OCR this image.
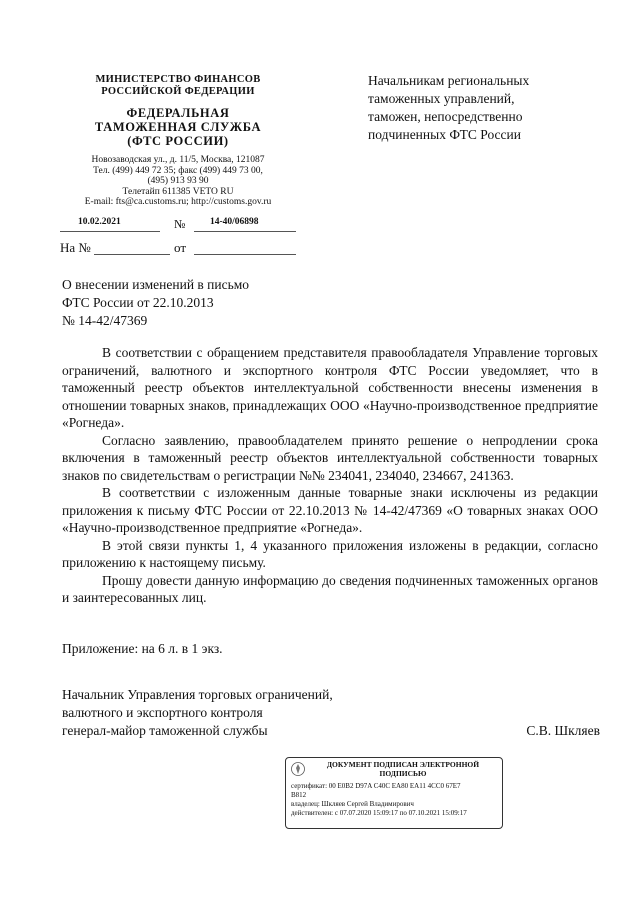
МИНИСТЕРСТВО ФИНАНСОВ
РОССИЙСКОЙ ФЕДЕРАЦИИ
ФЕДЕРАЛЬНАЯ
ТАМОЖЕННАЯ СЛУЖБА
(ФТС РОССИИ)
Новозаводская ул., д. 11/5, Москва, 121087
Тел. (499) 449 72 35; факс (499) 449 73 00,
(495) 913 93 90
Телетайп 611385 VETO RU
E-mail: fts@ca.customs.ru; http://customs.gov.ru
10.02.2021	№	14-40/06898
На №	от
Начальникам региональных
таможенных управлений,
таможен, непосредственно
подчиненных ФТС России
О внесении изменений в письмо
ФТС России от 22.10.2013
№ 14-42/47369

В соответствии с обращением представителя правообладателя Управление торговых ограничений, валютного и экспортного контроля ФТС России уведомляет, что в таможенный реестр объектов интеллектуальной собственности внесены изменения в отношении товарных знаков, принадлежащих ООО «Научно-производственное предприятие «Рогнеда».

Согласно заявлению, правообладателем принято решение о непродлении срока включения в таможенный реестр объектов интеллектуальной собственности товарных знаков по свидетельствам о регистрации №№ 234041, 234040, 234667, 241363.

В соответствии с изложенным данные товарные знаки исключены из редакции приложения к письму ФТС России от 22.10.2013 № 14-42/47369 «О товарных знаках ООО «Научно-производственное предприятие «Рогнеда».

В этой связи пункты 1, 4 указанного приложения изложены в редакции, согласно приложению к настоящему письму.

Прошу довести данную информацию до сведения подчиненных таможенных органов и заинтересованных лиц.

Приложение: на 6 л. в 1 экз.
Начальник Управления торговых ограничений,
валютного и экспортного контроля
генерал-майор таможенной службы	С.В. Шкляев
ДОКУМЕНТ ПОДПИСАН ЭЛЕКТРОННОЙ
ПОДПИСЬЮ
сертификат: 00 E0B2 D97A C40C EA80 EA11 4CC0 67E7
B812
владелец: Шкляев Сергей Владимирович
действителен: с 07.07.2020 15:09:17 по 07.10.2021 15:09:17
